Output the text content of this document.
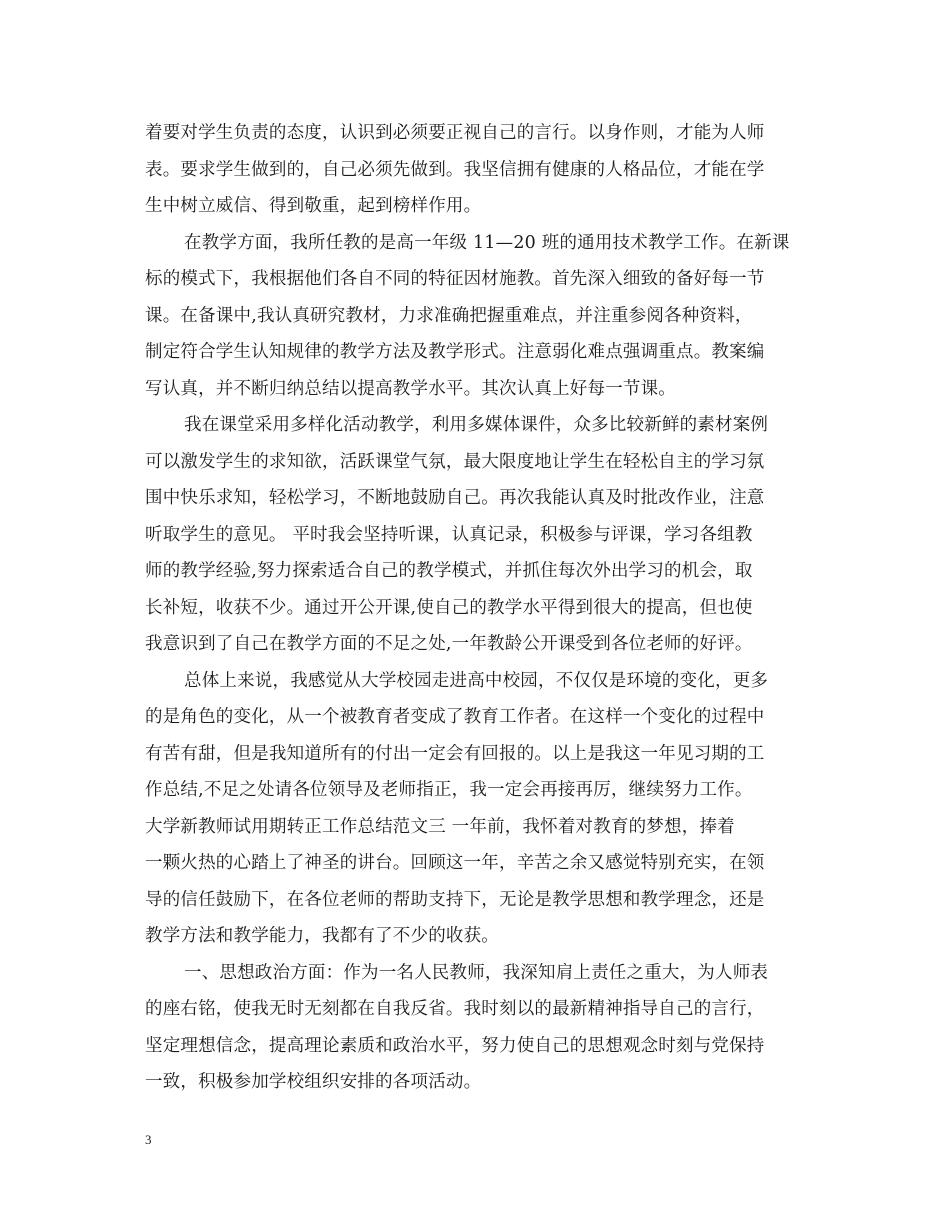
着要对学生负责的态度，认识到必须要正视自己的言行。以身作则，才能为人师
表。要求学生做到的，自己必须先做到。我坚信拥有健康的人格品位，才能在学
生中树立威信、得到敬重，起到榜样作用。
在教学方面，我所任教的是高一年级 11—20 班的通用技术教学工作。在新课
标的模式下，我根据他们各自不同的特征因材施教。首先深入细致的备好每一节
课。在备课中,我认真研究教材，力求准确把握重难点，并注重参阅各种资料，
制定符合学生认知规律的教学方法及教学形式。注意弱化难点强调重点。教案编
写认真，并不断归纳总结以提高教学水平。其次认真上好每一节课。
我在课堂采用多样化活动教学，利用多媒体课件，众多比较新鲜的素材案例
可以激发学生的求知欲，活跃课堂气氛，最大限度地让学生在轻松自主的学习氛
围中快乐求知，轻松学习，不断地鼓励自己。再次我能认真及时批改作业，注意
听取学生的意见。 平时我会坚持听课，认真记录，积极参与评课，学习各组教
师的教学经验,努力探索适合自己的教学模式，并抓住每次外出学习的机会，取
长补短，收获不少。通过开公开课,使自己的教学水平得到很大的提高，但也使
我意识到了自己在教学方面的不足之处,一年教龄公开课受到各位老师的好评。
总体上来说，我感觉从大学校园走进高中校园，不仅仅是环境的变化，更多
的是角色的变化，从一个被教育者变成了教育工作者。在这样一个变化的过程中
有苦有甜，但是我知道所有的付出一定会有回报的。以上是我这一年见习期的工
作总结,不足之处请各位领导及老师指正，我一定会再接再厉，继续努力工作。
大学新教师试用期转正工作总结范文三 一年前，我怀着对教育的梦想，捧着
一颗火热的心踏上了神圣的讲台。回顾这一年，辛苦之余又感觉特别充实，在领
导的信任鼓励下，在各位老师的帮助支持下，无论是教学思想和教学理念，还是
教学方法和教学能力，我都有了不少的收获。
一、思想政治方面：作为一名人民教师，我深知肩上责任之重大，为人师表
的座右铭，使我无时无刻都在自我反省。我时刻以的最新精神指导自己的言行，
坚定理想信念，提高理论素质和政治水平，努力使自己的思想观念时刻与党保持
一致，积极参加学校组织安排的各项活动。
3
